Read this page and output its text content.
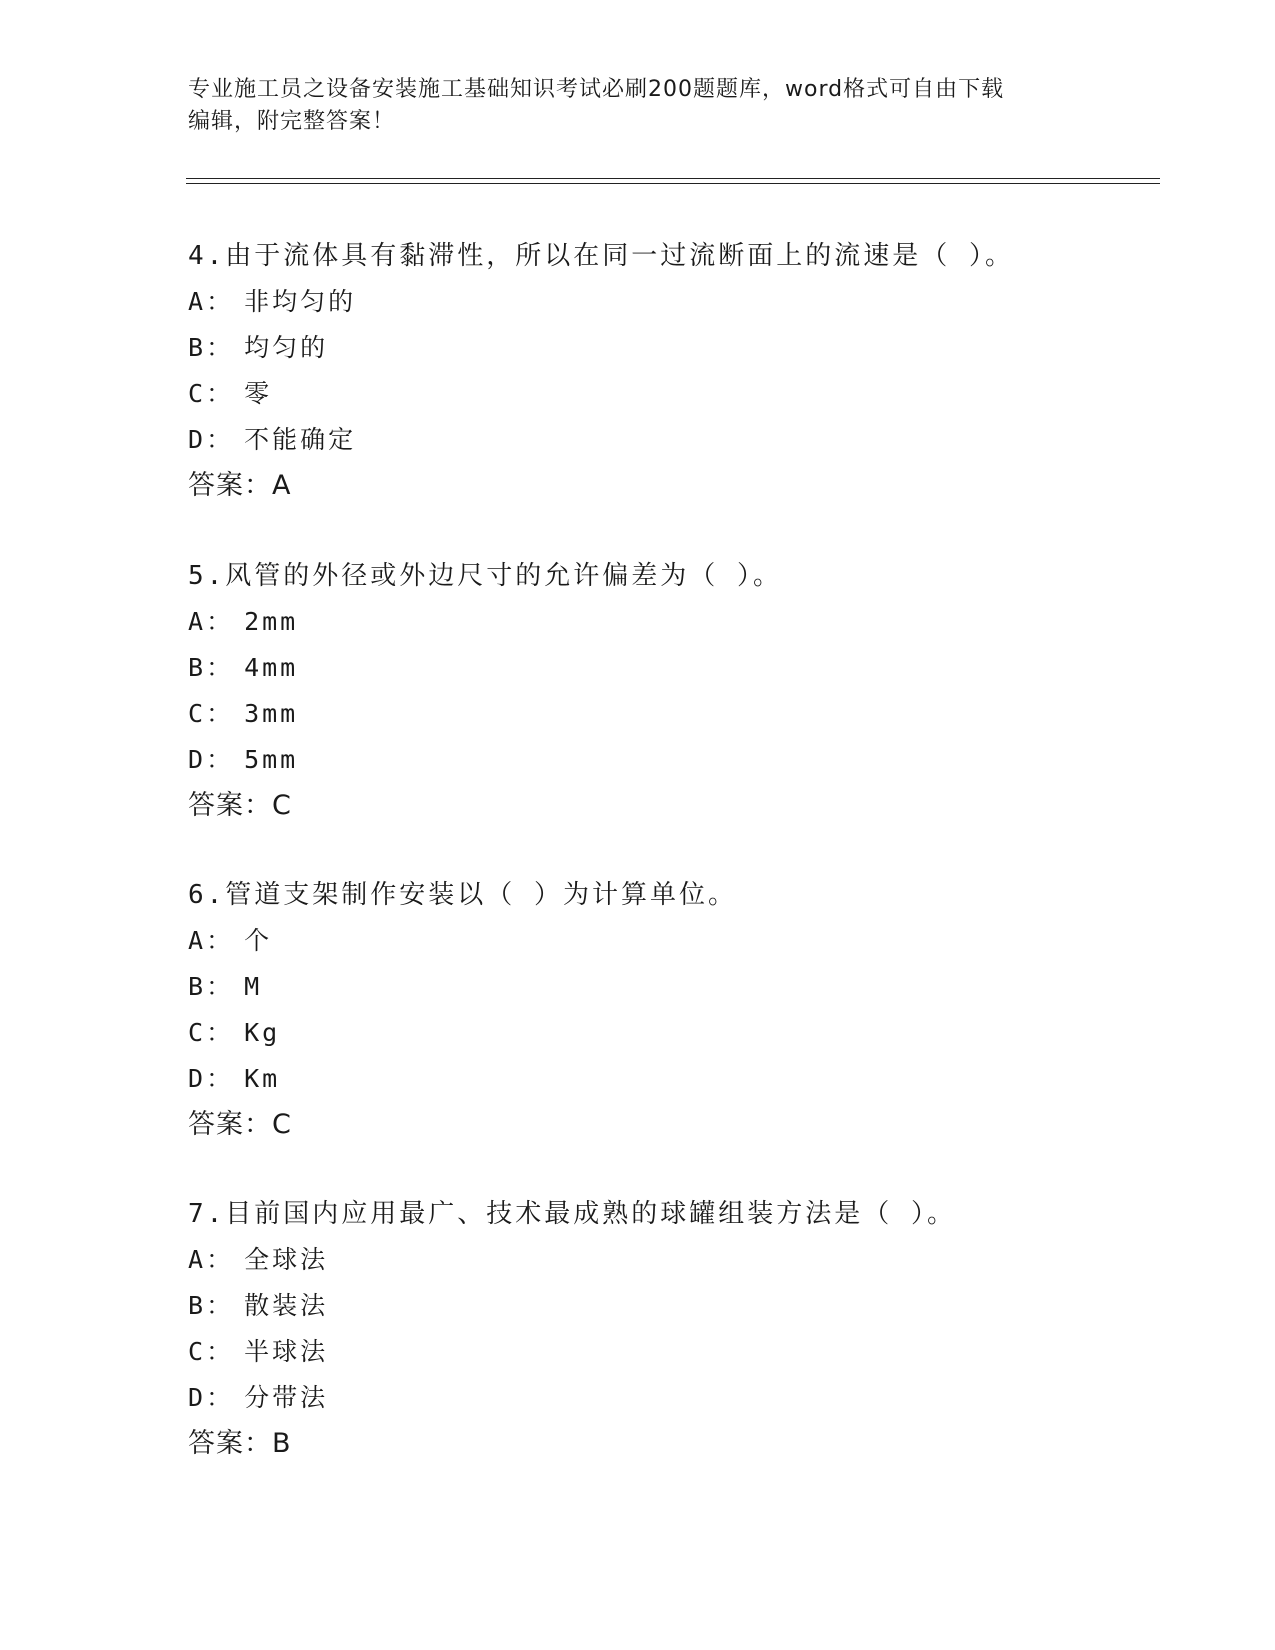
专业施工员之设备安装施工基础知识考试必刷200题题库，word格式可自由下载
编辑，附完整答案！
4.由于流体具有黏滞性，所以在同一过流断面上的流速是（ ）。
A： 非均匀的
B： 均匀的
C： 零
D： 不能确定
答案：A
5.风管的外径或外边尺寸的允许偏差为（ ）。
A： 2mm
B： 4mm
C： 3mm
D： 5mm
答案：C
6.管道支架制作安装以（ ）为计算单位。
A： 个
B： M
C： Kg
D： Km
答案：C
7.目前国内应用最广、技术最成熟的球罐组装方法是（ ）。
A： 全球法
B： 散装法
C： 半球法
D： 分带法
答案：B
